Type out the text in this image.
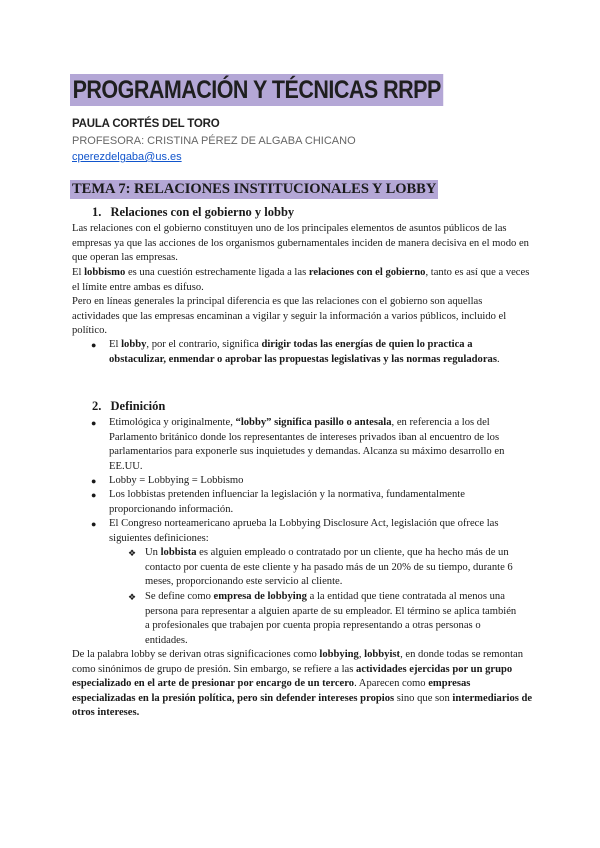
PROGRAMACIÓN Y TÉCNICAS RRPP
PAULA CORTÉS DEL TORO
PROFESORA: CRISTINA PÉREZ DE ALGABA CHICANO
cperezdelgaba@us.es
TEMA 7: RELACIONES INSTITUCIONALES Y LOBBY
1. Relaciones con el gobierno y lobby

Las relaciones con el gobierno constituyen uno de los principales elementos de asuntos públicos de las empresas ya que las acciones de los organismos gubernamentales inciden de manera decisiva en el modo en que operan las empresas.

El lobbismo es una cuestión estrechamente ligada a las relaciones con el gobierno, tanto es así que a veces el límite entre ambas es difuso.

Pero en líneas generales la principal diferencia es que las relaciones con el gobierno son aquellas actividades que las empresas encaminan a vigilar y seguir la información a varios públicos, incluido el político.

● El lobby, por el contrario, significa dirigir todas las energías de quien lo practica a obstaculizar, enmendar o aprobar las propuestas legislativas y las normas reguladoras.
2. Definición
● Etimológica y originalmente, “lobby” significa pasillo o antesala, en referencia a los del Parlamento británico donde los representantes de intereses privados iban al encuentro de los parlamentarios para exponerle sus inquietudes y demandas. Alcanza su máximo desarrollo en EE.UU.
● Lobby = Lobbying = Lobbismo
● Los lobbistas pretenden influenciar la legislación y la normativa, fundamentalmente proporcionando información.
● El Congreso norteamericano aprueba la Lobbying Disclosure Act, legislación que ofrece las siguientes definiciones:
❖ Un lobbista es alguien empleado o contratado por un cliente, que ha hecho más de un contacto por cuenta de este cliente y ha pasado más de un 20% de su tiempo, durante 6 meses, proporcionando este servicio al cliente.
❖ Se define como empresa de lobbying a la entidad que tiene contratada al menos una persona para representar a alguien aparte de su empleador. El término se aplica también a profesionales que trabajen por cuenta propia representando a otras personas o entidades.

De la palabra lobby se derivan otras significaciones como lobbying, lobbyist, en donde todas se remontan como sinónimos de grupo de presión. Sin embargo, se refiere a las actividades ejercidas por un grupo especializado en el arte de presionar por encargo de un tercero. Aparecen como empresas especializadas en la presión política, pero sin defender intereses propios sino que son intermediarios de otros intereses.
